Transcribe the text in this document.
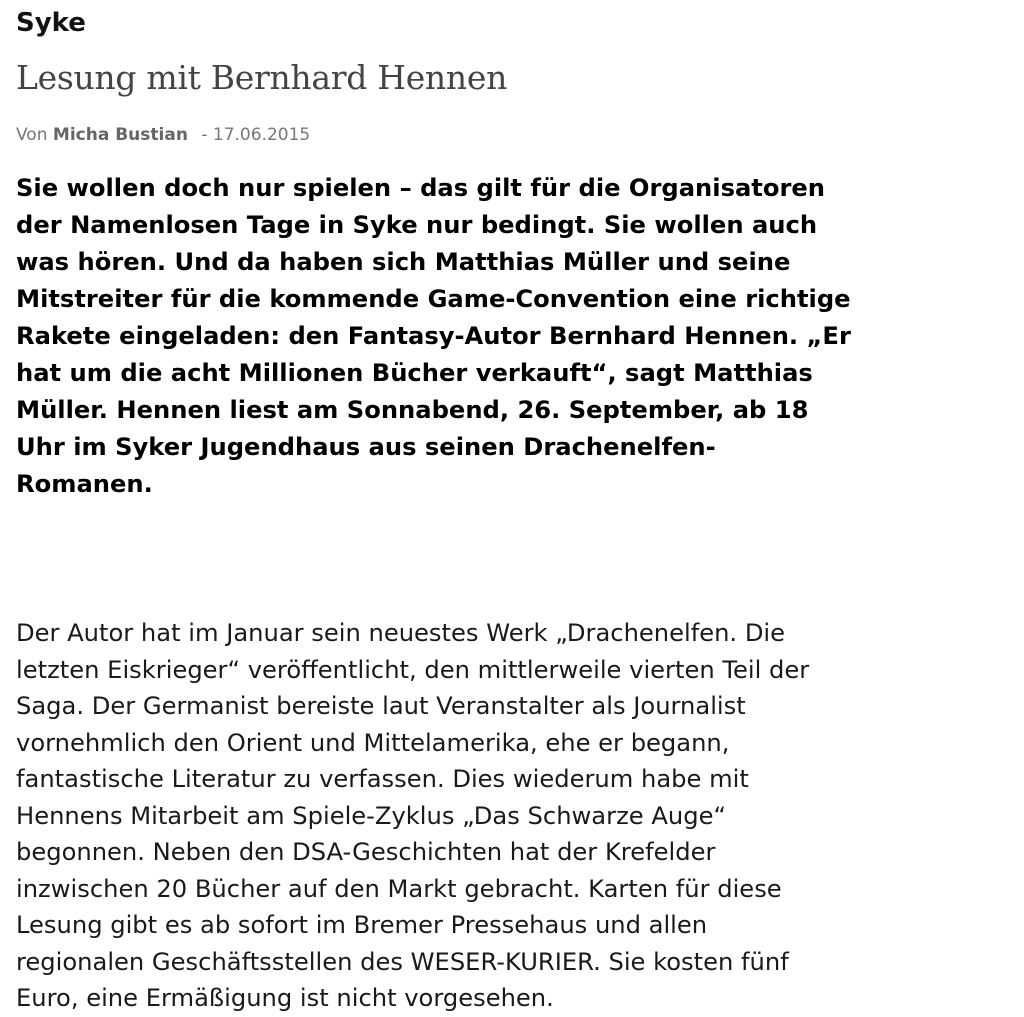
Syke
Lesung mit Bernhard Hennen
Von Micha Bustian - 17.06.2015
Sie wollen doch nur spielen – das gilt für die Organisatoren
der Namenlosen Tage in Syke nur bedingt. Sie wollen auch
was hören. Und da haben sich Matthias Müller und seine
Mitstreiter für die kommende Game-Convention eine richtige
Rakete eingeladen: den Fantasy-Autor Bernhard Hennen. „Er
hat um die acht Millionen Bücher verkauft“, sagt Matthias
Müller. Hennen liest am Sonnabend, 26. September, ab 18
Uhr im Syker Jugendhaus aus seinen Drachenelfen-
Romanen.
Der Autor hat im Januar sein neuestes Werk „Drachenelfen. Die
letzten Eiskrieger“ veröffentlicht, den mittlerweile vierten Teil der
Saga. Der Germanist bereiste laut Veranstalter als Journalist
vornehmlich den Orient und Mittelamerika, ehe er begann,
fantastische Literatur zu verfassen. Dies wiederum habe mit
Hennens Mitarbeit am Spiele-Zyklus „Das Schwarze Auge“
begonnen. Neben den DSA-Geschichten hat der Krefelder
inzwischen 20 Bücher auf den Markt gebracht. Karten für diese
Lesung gibt es ab sofort im Bremer Pressehaus und allen
regionalen Geschäftsstellen des WESER-KURIER. Sie kosten fünf
Euro, eine Ermäßigung ist nicht vorgesehen.
